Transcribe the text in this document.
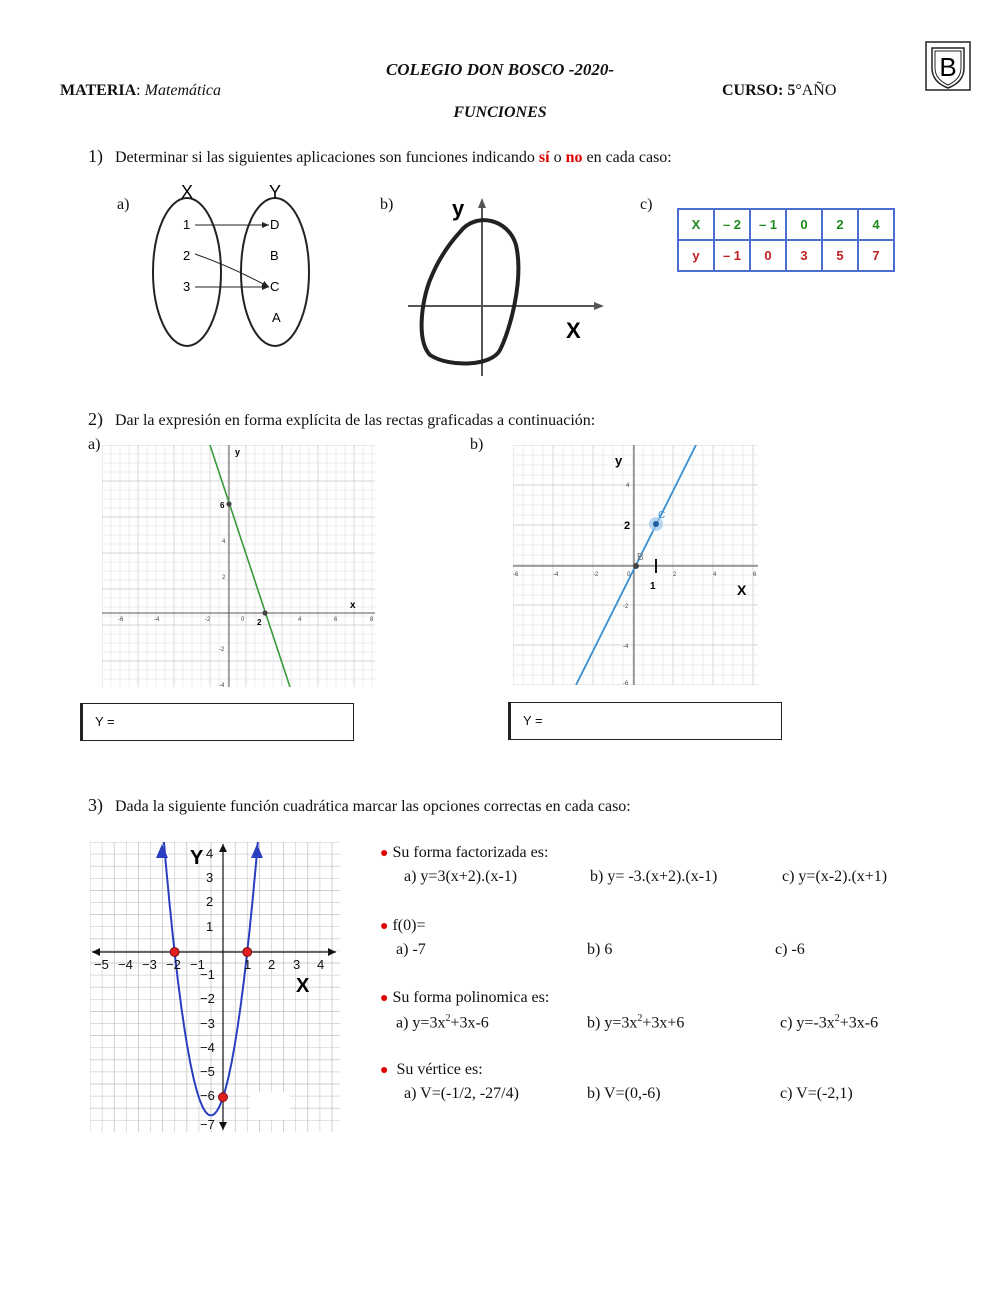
COLEGIO DON BOSCO -2020-
MATERIA: Matemática	CURSO: 5°AÑO
FUNCIONES
B
1) Determinar si las siguientes aplicaciones son funciones indicando sí o no en cada caso:
a)	b)	c)
X	Y
1
2
3
D
B
C
A
y
X
X	– 2	– 1	0	2	4
y	– 1	0	3	5	7
2) Dar la expresión en forma explícita de las rectas graficadas a continuación:
a)	b)
6
2
y
x
-2	0
-6	-4	4	6	8
4
2
-2
-4
C
B
2
1
y
X
-6	-4	-2	0	2	4	6
4
-2
-4
-6
Y =	Y =
3) Dada la siguiente función cuadrática marcar las opciones correctas en cada caso:
Y
X
−5 −4 −3 −2 −1	1 2 3 4
4
3
2
1
−1
−2
−3
−4
−5
−6
−7
● Su forma factorizada es:
a) y=3(x+2).(x-1)	b) y= -3.(x+2).(x-1)	c) y=(x-2).(x+1)
● f(0)=
a) -7	b) 6	c) -6
● Su forma polinomica es:
a) $y=3x^2+3x-6$	b) $y=3x^2+3x+6$	c) $y=-3x^2+3x-6$
● Su vértice es:
a) V=(-1/2, -27/4)	b) V=(0,-6)	c) V=(-2,1)
